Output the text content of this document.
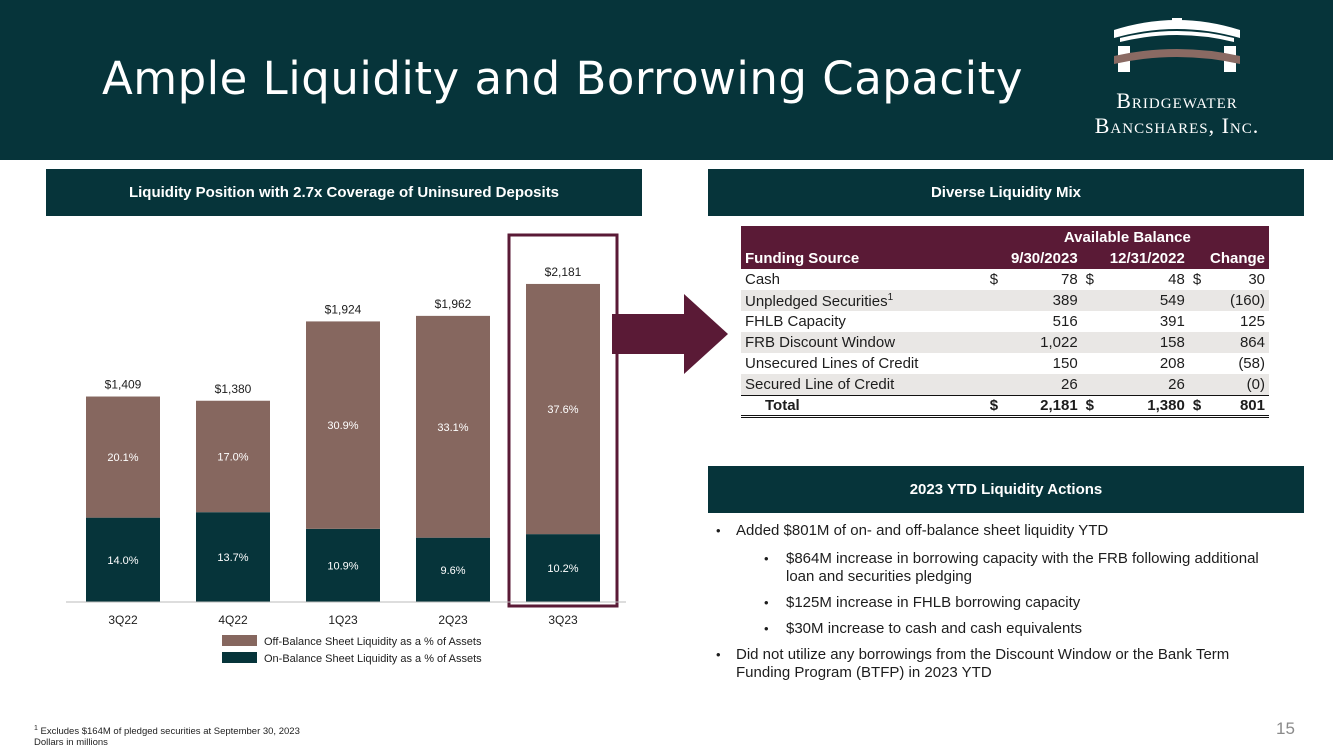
Ample Liquidity and Borrowing Capacity	Bridgewater
Bancshares, Inc.
Liquidity Position with 2.7x Coverage of Uninsured Deposits	Diverse Liquidity Mix
2023 YTD Liquidity Actions
14.0%
20.1%
$1,409
3Q22
13.7%
17.0%
$1,380
4Q22
10.9%
30.9%
$1,924
1Q23
9.6%
33.1%
$1,962
2Q23
10.2%
37.6%
$2,181
3Q23
Off-Balance Sheet Liquidity as a % of Assets
On-Balance Sheet Liquidity as a % of Assets
	Available Balance					
Funding Source	9/30/2023		12/31/2022		Change	
Cash	$	78	$	48	$	30
Unpledged Securities$^1$		389		549		(160)
FHLB Capacity		516		391		125
FRB Discount Window		1,022		158		864
Unsecured Lines of Credit		150		208		(58)
Secured Line of Credit		26		26		(0)
Total	$	2,181	$	1,380	$	801
• Added $801M of on- and off-balance sheet liquidity YTD
• $864M increase in borrowing capacity with the FRB following additional loan and securities pledging
• $125M increase in FHLB borrowing capacity
• $30M increase to cash and cash equivalents
• Did not utilize any borrowings from the Discount Window or the Bank Term Funding Program (BTFP) in 2023 YTD
$^1$ Excludes $164M of pledged securities at September 30, 2023
Dollars in millions
15
